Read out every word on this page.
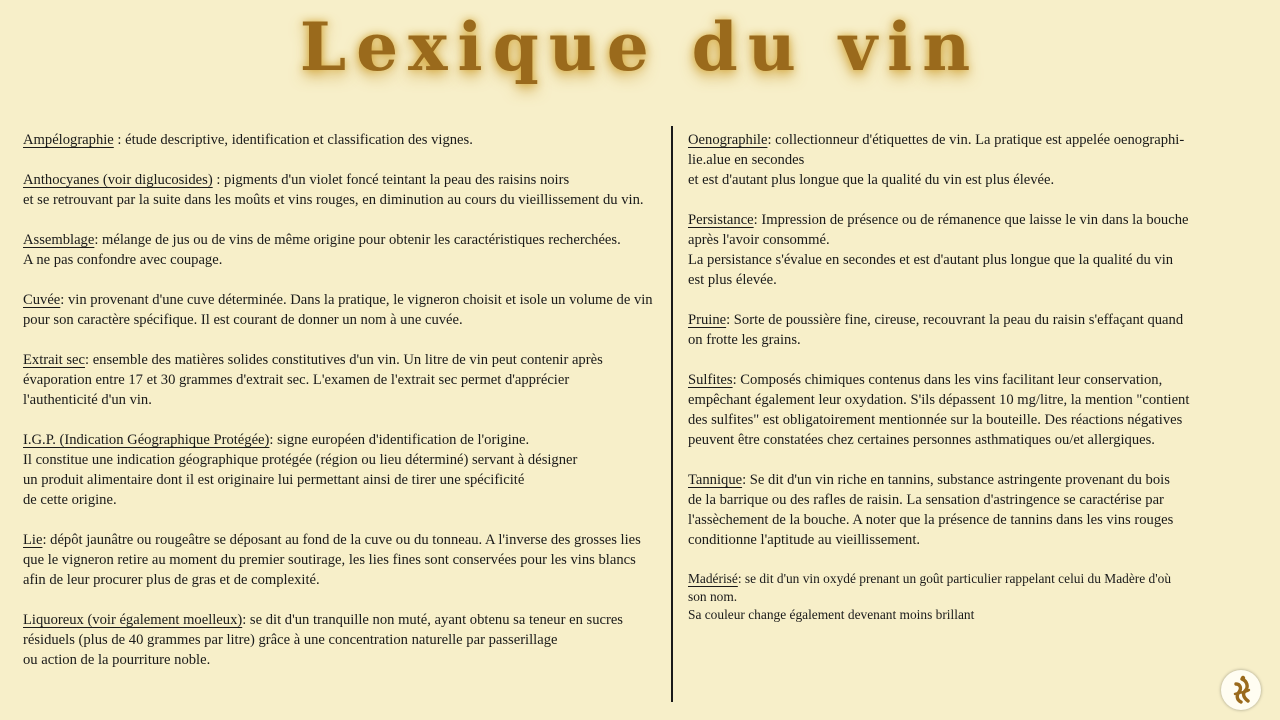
Lexique du vin
Ampélographie : étude descriptive, identification et classification des vignes.
Anthocyanes (voir diglucosides) : pigments d'un violet foncé teintant la peau des raisins noirs
et se retrouvant par la suite dans les moûts et vins rouges, en diminution au cours du vieillissement du vin.
Assemblage: mélange de jus ou de vins de même origine pour obtenir les caractéristiques recherchées.
A ne pas confondre avec coupage.
Cuvée: vin provenant d'une cuve déterminée. Dans la pratique, le vigneron choisit et isole un volume de vin
pour son caractère spécifique. Il est courant de donner un nom à une cuvée.
Extrait sec: ensemble des matières solides constitutives d'un vin. Un litre de vin peut contenir après
évaporation entre 17 et 30 grammes d'extrait sec. L'examen de l'extrait sec permet d'apprécier
l'authenticité d'un vin.
I.G.P. (Indication Géographique Protégée): signe européen d'identification de l'origine.
Il constitue une indication géographique protégée (région ou lieu déterminé) servant à désigner
un produit alimentaire dont il est originaire lui permettant ainsi de tirer une spécificité
de cette origine.
Lie: dépôt jaunâtre ou rougeâtre se déposant au fond de la cuve ou du tonneau. A l'inverse des grosses lies
que le vigneron retire au moment du premier soutirage, les lies fines sont conservées pour les vins blancs
afin de leur procurer plus de gras et de complexité.
Liquoreux (voir également moelleux): se dit d'un tranquille non muté, ayant obtenu sa teneur en sucres
résiduels (plus de 40 grammes par litre) grâce à une concentration naturelle par passerillage
ou action de la pourriture noble.
Oenographile: collectionneur d'étiquettes de vin. La pratique est appelée oenographi-
lie.alue en secondes
et est d'autant plus longue que la qualité du vin est plus élevée.
Persistance: Impression de présence ou de rémanence que laisse le vin dans la bouche
après l'avoir consommé.
La persistance s'évalue en secondes et est d'autant plus longue que la qualité du vin
est plus élevée.
Pruine: Sorte de poussière fine, cireuse, recouvrant la peau du raisin s'effaçant quand
on frotte les grains.
Sulfites: Composés chimiques contenus dans les vins facilitant leur conservation,
empêchant également leur oxydation. S'ils dépassent 10 mg/litre, la mention "contient
des sulfites" est obligatoirement mentionnée sur la bouteille. Des réactions négatives
peuvent être constatées chez certaines personnes asthmatiques ou/et allergiques.
Tannique: Se dit d'un vin riche en tannins, substance astringente provenant du bois
de la barrique ou des rafles de raisin. La sensation d'astringence se caractérise par
l'assèchement de la bouche. A noter que la présence de tannins dans les vins rouges
conditionne l'aptitude au vieillissement.
Madérisé: se dit d'un vin oxydé prenant un goût particulier rappelant celui du Madère d'où
son nom.
Sa couleur change également devenant moins brillant
